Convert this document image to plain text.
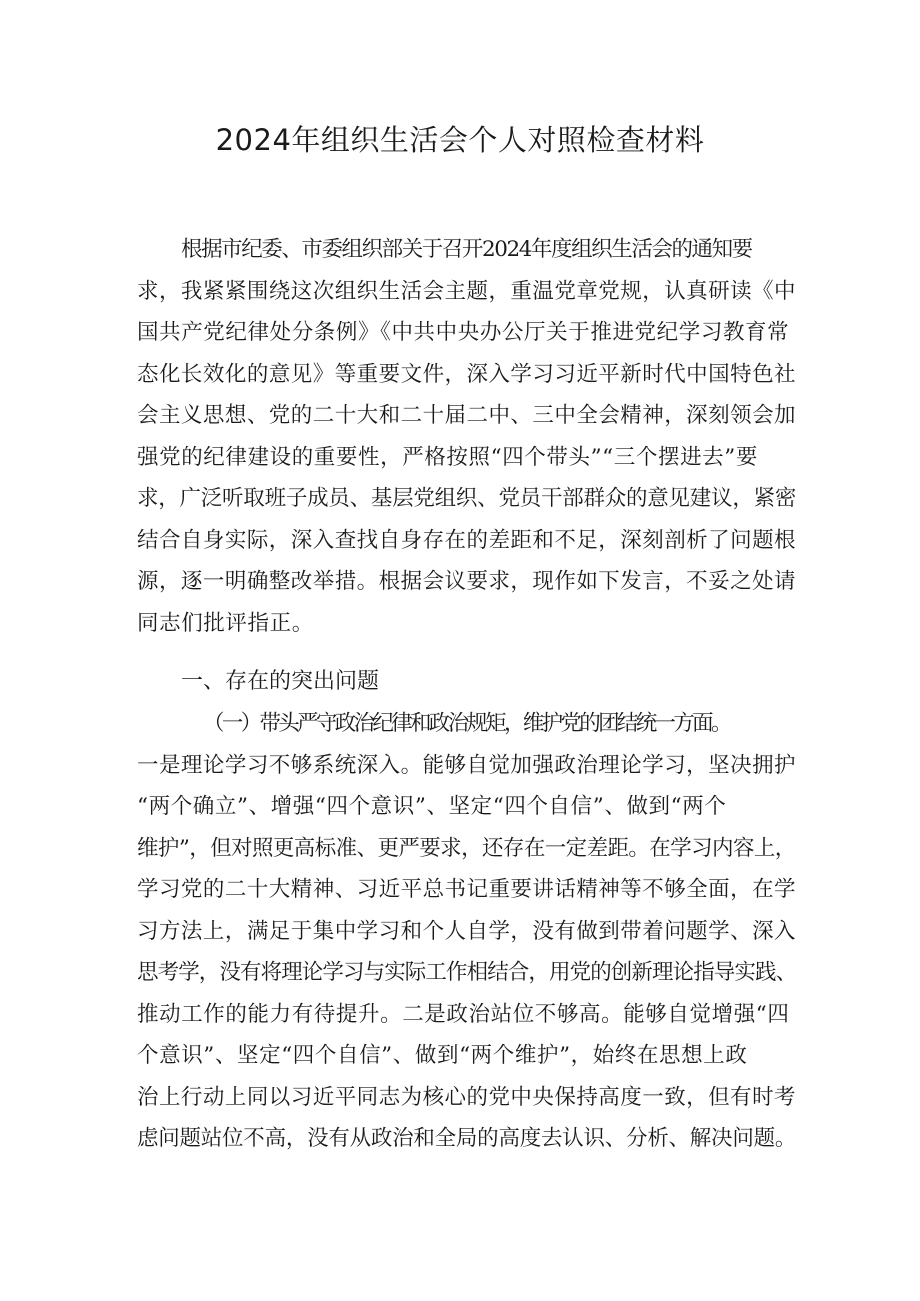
2024年组织生活会个人对照检查材料
根据市纪委、市委组织部关于召开2024年度组织生活会的通知要
求，我紧紧围绕这次组织生活会主题，重温党章党规，认真研读《中
国共产党纪律处分条例》《中共中央办公厅关于推进党纪学习教育常
态化长效化的意见》等重要文件，深入学习习近平新时代中国特色社
会主义思想、党的二十大和二十届二中、三中全会精神，深刻领会加
强党的纪律建设的重要性，严格按照“四个带头”“三个摆进去”要
求，广泛听取班子成员、基层党组织、党员干部群众的意见建议，紧密
结合自身实际，深入查找自身存在的差距和不足，深刻剖析了问题根
源，逐一明确整改举措。根据会议要求，现作如下发言，不妥之处请
同志们批评指正。
一、存在的突出问题
（一）带头严守政治纪律和政治规矩，维护党的团结统一方面。
一是理论学习不够系统深入。能够自觉加强政治理论学习，坚决拥护
“两个确立”、增强“四个意识”、坚定“四个自信”、做到“两个
维护”，但对照更高标准、更严要求，还存在一定差距。在学习内容上，
学习党的二十大精神、习近平总书记重要讲话精神等不够全面，在学
习方法上，满足于集中学习和个人自学，没有做到带着问题学、深入
思考学，没有将理论学习与实际工作相结合，用党的创新理论指导实践、
推动工作的能力有待提升。二是政治站位不够高。能够自觉增强“四
个意识”、坚定“四个自信”、做到“两个维护”，始终在思想上政
治上行动上同以习近平同志为核心的党中央保持高度一致，但有时考
虑问题站位不高，没有从政治和全局的高度去认识、分析、解决问题。
